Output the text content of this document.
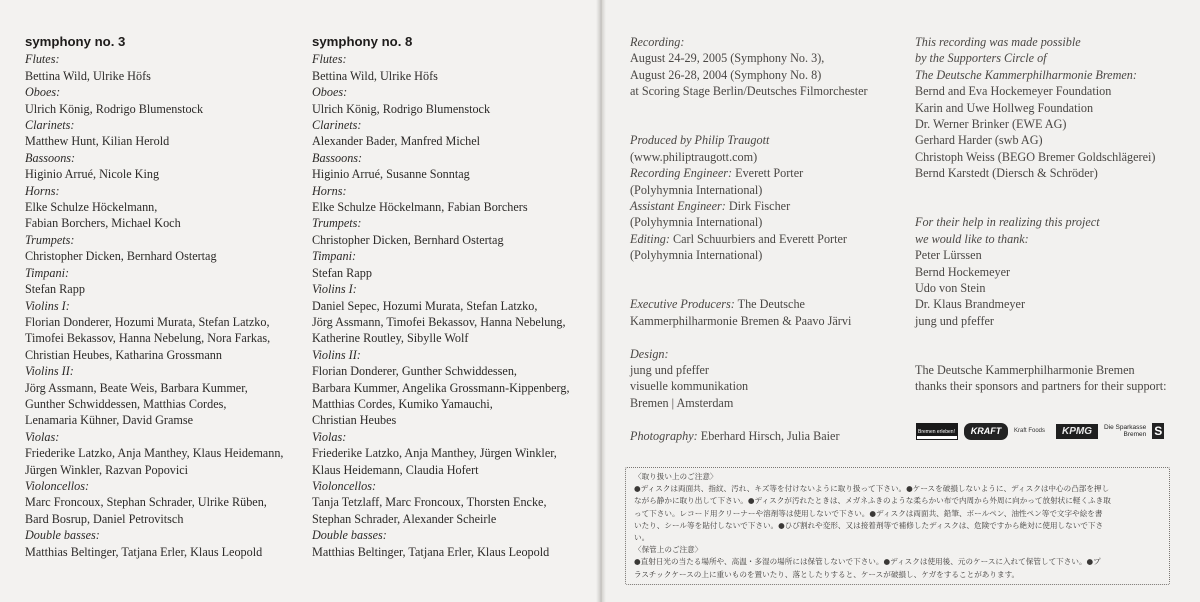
symphony no. 3
Flutes:
Bettina Wild, Ulrike Höfs
Oboes:
Ulrich König, Rodrigo Blumenstock
Clarinets:
Matthew Hunt, Kilian Herold
Bassoons:
Higinio Arrué, Nicole King
Horns:
Elke Schulze Höckelmann,
Fabian Borchers, Michael Koch
Trumpets:
Christopher Dicken, Bernhard Ostertag
Timpani:
Stefan Rapp
Violins I:
Florian Donderer, Hozumi Murata, Stefan Latzko,
Timofei Bekassov, Hanna Nebelung, Nora Farkas,
Christian Heubes, Katharina Grossmann
Violins II:
Jörg Assmann, Beate Weis, Barbara Kummer,
Gunther Schwiddessen, Matthias Cordes,
Lenamaria Kühner, David Gramse
Violas:
Friederike Latzko, Anja Manthey, Klaus Heidemann,
Jürgen Winkler, Razvan Popovici
Violoncellos:
Marc Froncoux, Stephan Schrader, Ulrike Rüben,
Bard Bosrup, Daniel Petrovitsch
Double basses:
Matthias Beltinger, Tatjana Erler, Klaus Leopold
symphony no. 8
Flutes:
Bettina Wild, Ulrike Höfs
Oboes:
Ulrich König, Rodrigo Blumenstock
Clarinets:
Alexander Bader, Manfred Michel
Bassoons:
Higinio Arrué, Susanne Sonntag
Horns:
Elke Schulze Höckelmann, Fabian Borchers
Trumpets:
Christopher Dicken, Bernhard Ostertag
Timpani:
Stefan Rapp
Violins I:
Daniel Sepec, Hozumi Murata, Stefan Latzko,
Jörg Assmann, Timofei Bekassov, Hanna Nebelung,
Katherine Routley, Sibylle Wolf
Violins II:
Florian Donderer, Gunther Schwiddessen,
Barbara Kummer, Angelika Grossmann-Kippenberg,
Matthias Cordes, Kumiko Yamauchi,
Christian Heubes
Violas:
Friederike Latzko, Anja Manthey, Jürgen Winkler,
Klaus Heidemann, Claudia Hofert
Violoncellos:
Tanja Tetzlaff, Marc Froncoux, Thorsten Encke,
Stephan Schrader, Alexander Scheirle
Double basses:
Matthias Beltinger, Tatjana Erler, Klaus Leopold
Recording:
August 24-29, 2005 (Symphony No. 3),
August 26-28, 2004 (Symphony No. 8)
at Scoring Stage Berlin/Deutsches Filmorchester
Produced by Philip Traugott
(www.philiptraugott.com)
Recording Engineer: Everett Porter
(Polyhymnia International)
Assistant Engineer: Dirk Fischer
(Polyhymnia International)
Editing: Carl Schuurbiers and Everett Porter
(Polyhymnia International)
Executive Producers: The Deutsche
Kammerphilharmonie Bremen & Paavo Järvi
Design:
jung und pfeffer
visuelle kommunikation
Bremen | Amsterdam
Photography: Eberhard Hirsch, Julia Baier
This recording was made possible
by the Supporters Circle of
The Deutsche Kammerphilharmonie Bremen:
Bernd and Eva Hockemeyer Foundation
Karin and Uwe Hollweg Foundation
Dr. Werner Brinker (EWE AG)
Gerhard Harder (swb AG)
Christoph Weiss (BEGO Bremer Goldschlägerei)
Bernd Karstedt (Diersch & Schröder)
For their help in realizing this project
we would like to thank:
Peter Lürssen
Bernd Hockemeyer
Udo von Stein
Dr. Klaus Brandmeyer
jung und pfeffer
The Deutsche Kammerphilharmonie Bremen
thanks their sponsors and partners for their support:
Bremen erleben!	KRAFT	Kraft Foods	KPMG	Die Sparkasse
Bremen S
〈取り扱い上のご注意〉
●ディスクは両面共、指紋、汚れ、キズ等を付けないように取り扱って下さい。●ケースを破損しないように、ディスクは中心の凸部を押し
ながら静かに取り出して下さい。●ディスクが汚れたときは、メガネふきのような柔らかい布で内周から外周に向かって放射状に軽くふき取
って下さい。レコード用クリーナーや溶剤等は使用しないで下さい。●ディスクは両面共、鉛筆、ボールペン、油性ペン等で文字や絵を書
いたり、シール等を貼付しないで下さい。●ひび割れや変形、又は接着剤等で補修したディスクは、危険ですから絶対に使用しないで下さ
い。
〈保管上のご注意〉
●直射日光の当たる場所や、高温・多湿の場所には保管しないで下さい。●ディスクは使用後、元のケースに入れて保管して下さい。●プ
ラスチックケースの上に重いものを置いたり、落としたりすると、ケースが破損し、ケガをすることがあります。
